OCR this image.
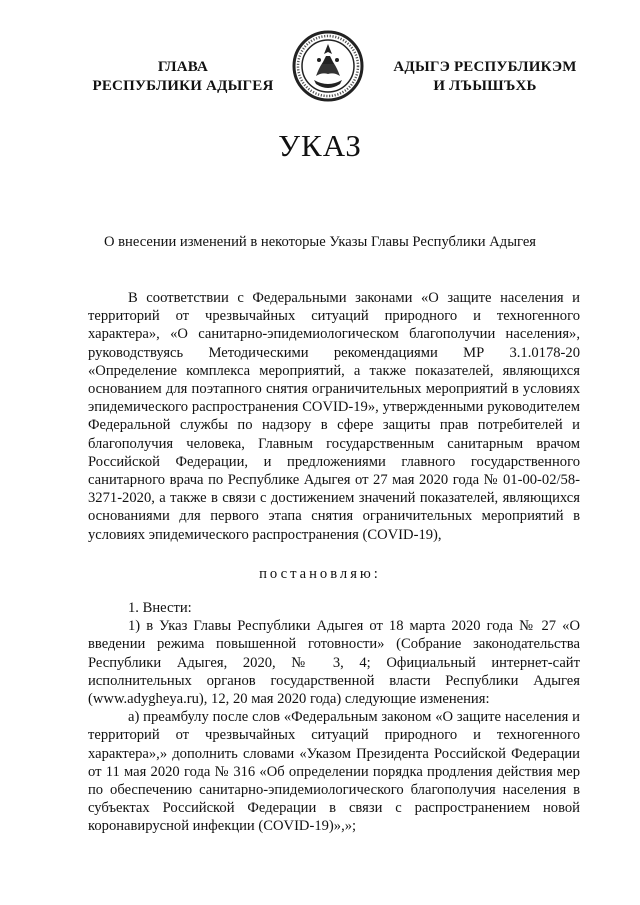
ГЛАВА
РЕСПУБЛИКИ АДЫГЕЯ
АДЫГЭ РЕСПУБЛИКЭМ
И ЛЪЫШЪХЬ
УКАЗ
О внесении изменений в некоторые Указы Главы Республики Адыгея

В соответствии с Федеральными законами «О защите населения и территорий от чрезвычайных ситуаций природного и техногенного характера», «О санитарно-эпидемиологическом благополучии населения», руководствуясь Методическими рекомендациями МР 3.1.0178-20 «Определение комплекса мероприятий, а также показателей, являющихся основанием для поэтапного снятия ограничительных мероприятий в условиях эпидемического распространения COVID-19», утвержденными руководителем Федеральной службы по надзору в сфере защиты прав потребителей и благополучия человека, Главным государственным санитарным врачом Российской Федерации, и предложениями главного государственного санитарного врача по Республике Адыгея от 27 мая 2020 года № 01-00-02/58-3271-2020, а также в связи с достижением значений показателей, являющихся основаниями для первого этапа снятия ограничительных мероприятий в условиях эпидемического распространения (COVID-19),

постановляю:

1. Внести:

1) в Указ Главы Республики Адыгея от 18 марта 2020 года № 27 «О введении режима повышенной готовности» (Собрание законодательства Республики Адыгея, 2020, № 3, 4; Официальный интернет-сайт исполнительных органов государственной власти Республики Адыгея (www.adygheya.ru), 12, 20 мая 2020 года) следующие изменения:

а) преамбулу после слов «Федеральным законом «О защите населения и территорий от чрезвычайных ситуаций природного и техногенного характера»,» дополнить словами «Указом Президента Российской Федерации от 11 мая 2020 года № 316 «Об определении порядка продления действия мер по обеспечению санитарно-эпидемиологического благополучия населения в субъектах Российской Федерации в связи с распространением новой коронавирусной инфекции (COVID-19)»,»;
